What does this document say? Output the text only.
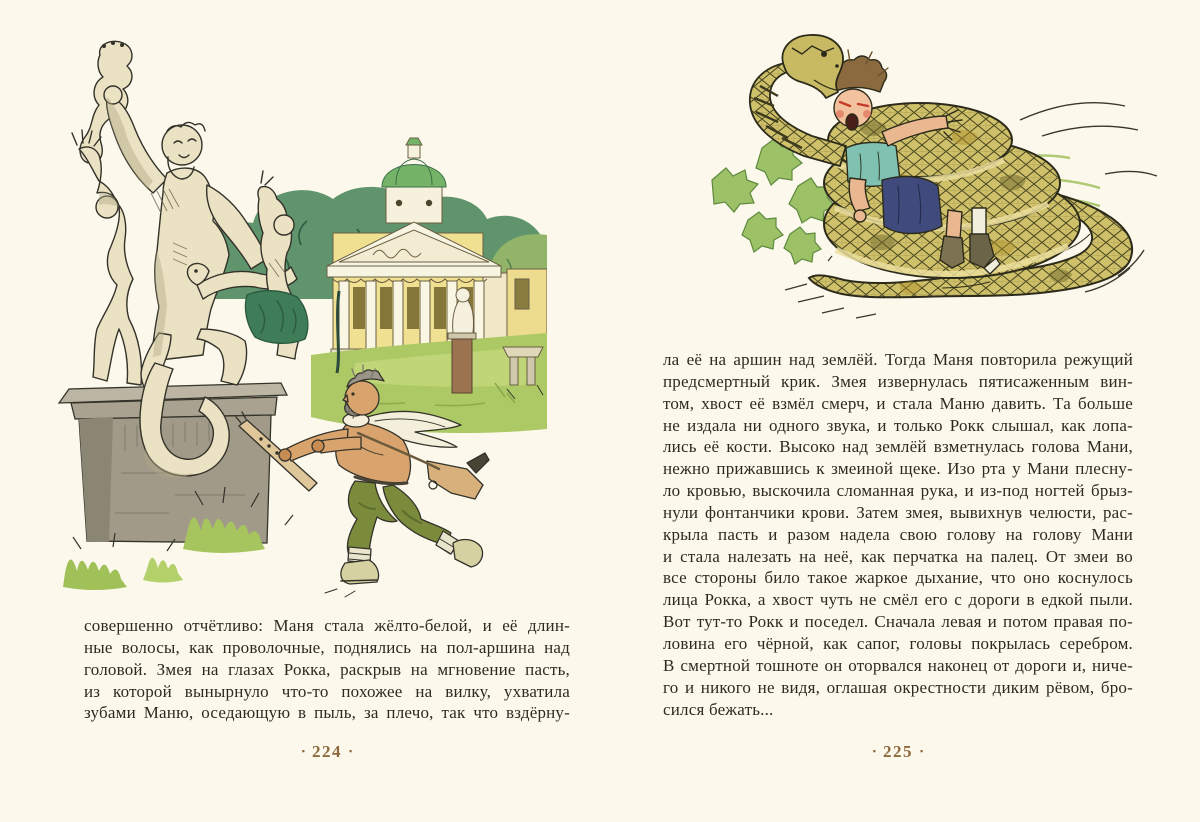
совершенно отчётливо: Маня стала жёлто-белой, и её длин-
ные волосы, как проволочные, поднялись на пол-аршина над
головой. Змея на глазах Рокка, раскрыв на мгновение пасть,
из которой вынырнуло что-то похожее на вилку, ухватила
зубами Маню, оседающую в пыль, за плечо, так что вздёрну-
▪ 224 ▪
ла её на аршин над землёй. Тогда Маня повторила режущий
предсмертный крик. Змея извернулась пятисаженным вин-
том, хвост её взмёл смерч, и стала Маню давить. Та больше
не издала ни одного звука, и только Рокк слышал, как лопа-
лись её кости. Высоко над землёй взметнулась голова Мани,
нежно прижавшись к змеиной щеке. Изо рта у Мани плесну-
ло кровью, выскочила сломанная рука, и из-под ногтей брыз-
нули фонтанчики крови. Затем змея, вывихнув челюсти, рас-
крыла пасть и разом надела свою голову на голову Мани
и стала налезать на неё, как перчатка на палец. От змеи во
все стороны било такое жаркое дыхание, что оно коснулось
лица Рокка, а хвост чуть не смёл его с дороги в едкой пыли.
Вот тут-то Рокк и поседел. Сначала левая и потом правая по-
ловина его чёрной, как сапог, головы покрылась серебром.
В смертной тошноте он оторвался наконец от дороги и, ниче-
го и никого не видя, оглашая окрестности диким рёвом, бро-
сился бежать...
▪ 225 ▪
